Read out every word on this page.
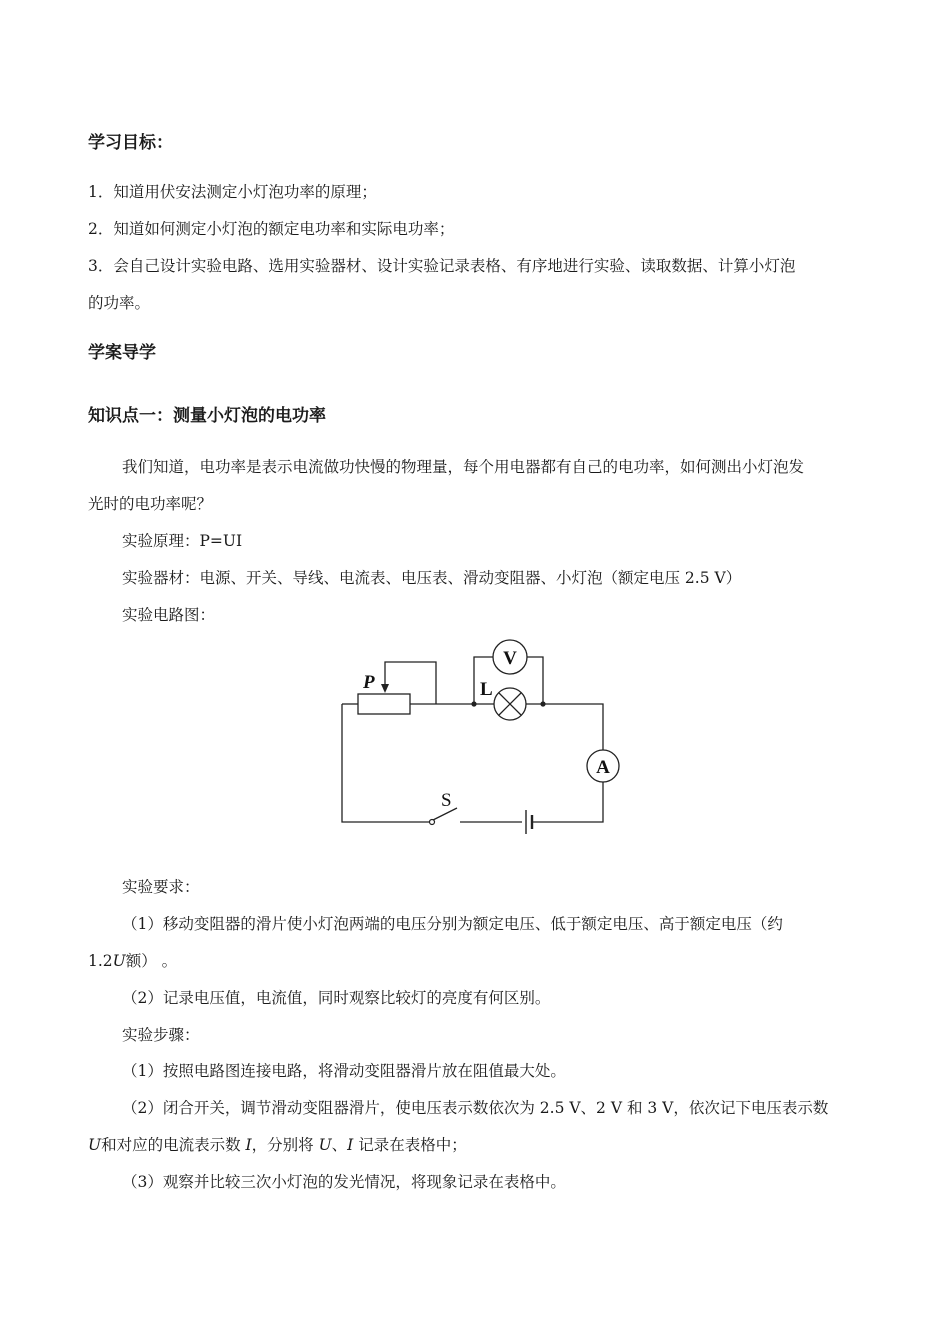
学习目标：
1．知道用伏安法测定小灯泡功率的原理；
2．知道如何测定小灯泡的额定电功率和实际电功率；
3．会自己设计实验电路、选用实验器材、设计实验记录表格、有序地进行实验、读取数据、计算小灯泡
的功率。
学案导学
知识点一：测量小灯泡的电功率
我们知道，电功率是表示电流做功快慢的物理量，每个用电器都有自己的电功率，如何测出小灯泡发
光时的电功率呢？
实验原理：P=UI
实验器材：电源、开关、导线、电流表、电压表、滑动变阻器、小灯泡（额定电压 2.5 V）
实验电路图：
V
A
L
P
S
实验要求：
（1）移动变阻器的滑片使小灯泡两端的电压分别为额定电压、低于额定电压、高于额定电压（约
1.2U额） 。
（2）记录电压值，电流值，同时观察比较灯的亮度有何区别。
实验步骤：
（1）按照电路图连接电路，将滑动变阻器滑片放在阻值最大处。
（2）闭合开关，调节滑动变阻器滑片，使电压表示数依次为 2.5 V、2 V 和 3 V，依次记下电压表示数
U和对应的电流表示数 I，分别将 U、I 记录在表格中；
（3）观察并比较三次小灯泡的发光情况，将现象记录在表格中。
